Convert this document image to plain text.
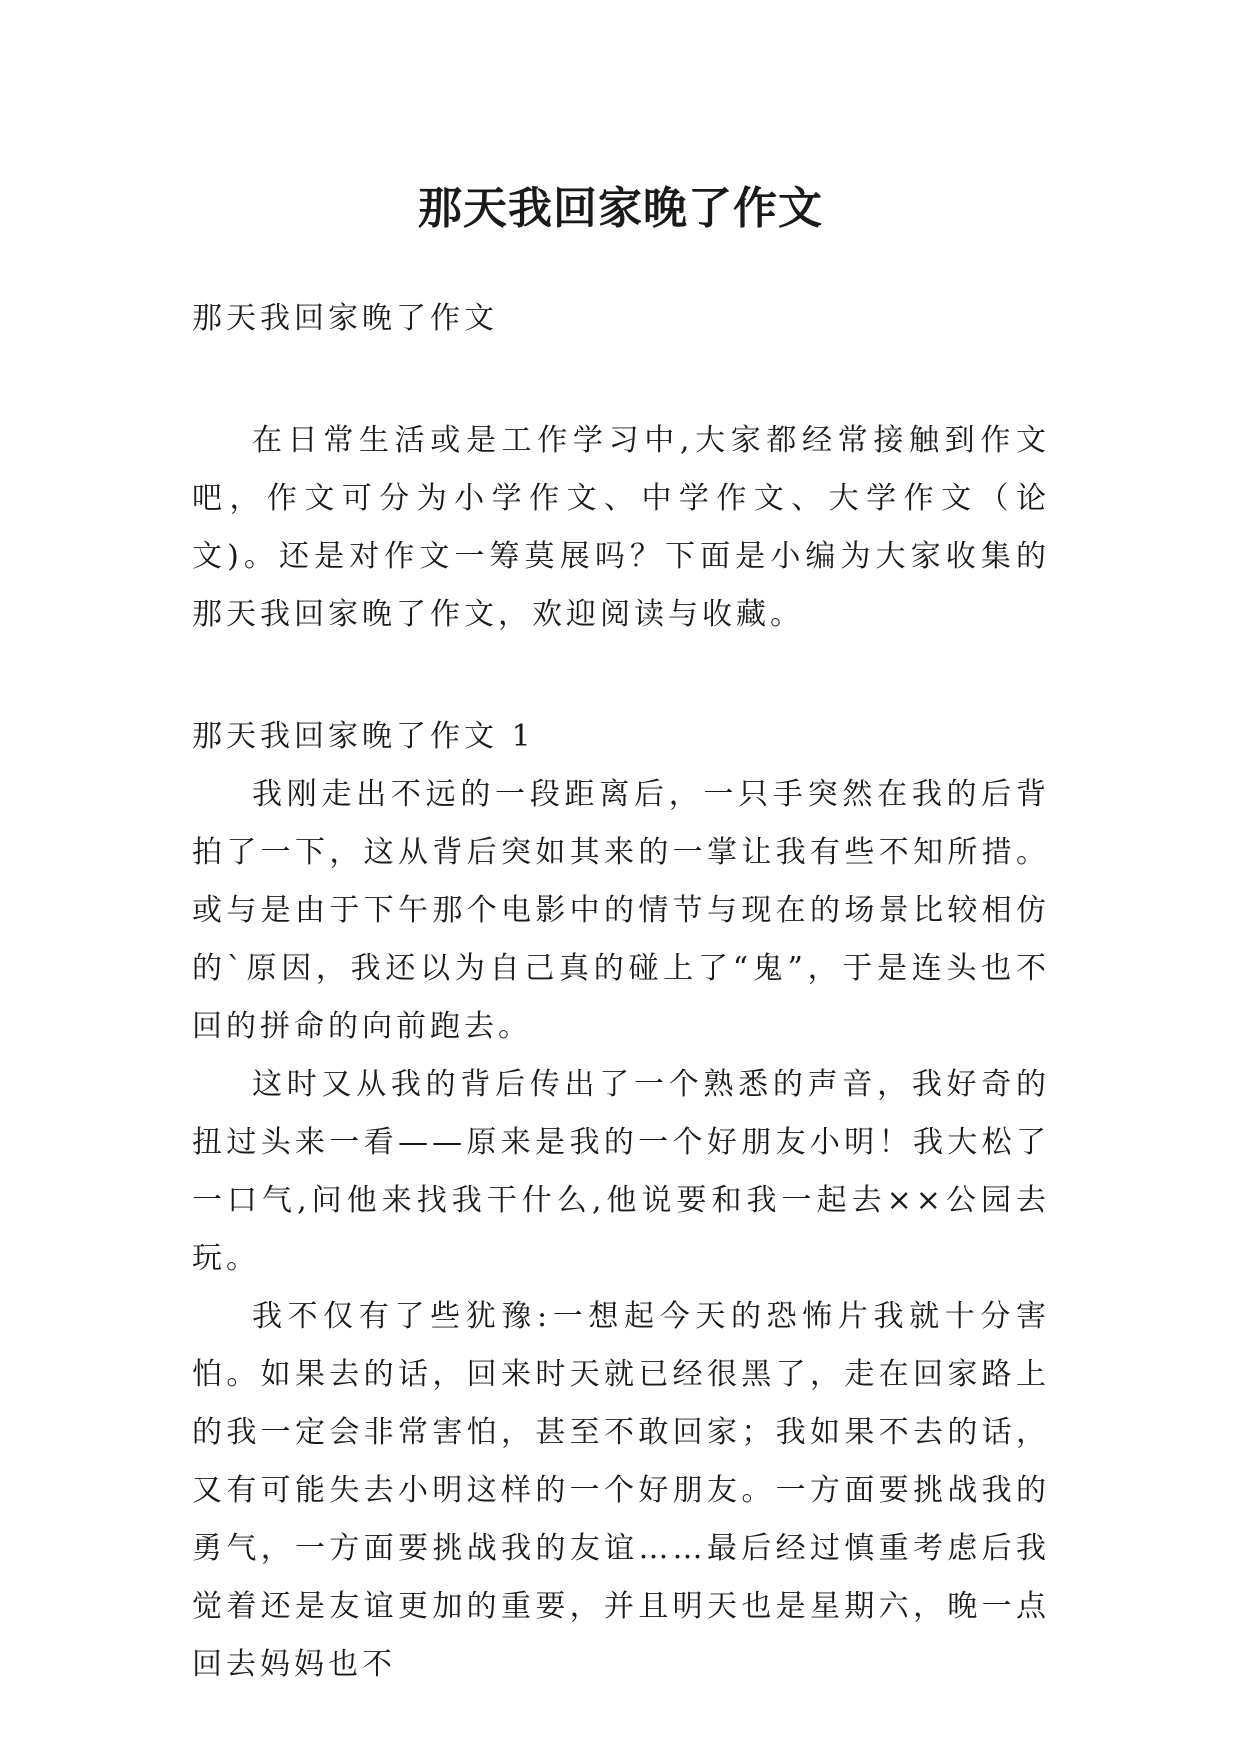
那天我回家晚了作文

那天我回家晚了作文

在日常生活或是工作学习中,大家都经常接触到作文吧，作文可分为小学作文、中学作文、大学作文（论文)。还是对作文一筹莫展吗？下面是小编为大家收集的那天我回家晚了作文，欢迎阅读与收藏。

那天我回家晚了作文 1

我刚走出不远的一段距离后，一只手突然在我的后背拍了一下，这从背后突如其来的一掌让我有些不知所措。或与是由于下午那个电影中的情节与现在的场景比较相仿的`原因，我还以为自己真的碰上了“鬼”，于是连头也不回的拼命的向前跑去。

这时又从我的背后传出了一个熟悉的声音，我好奇的扭过头来一看——原来是我的一个好朋友小明！我大松了一口气,问他来找我干什么,他说要和我一起去××公园去玩。

我不仅有了些犹豫:一想起今天的恐怖片我就十分害怕。如果去的话，回来时天就已经很黑了，走在回家路上的我一定会非常害怕，甚至不敢回家；我如果不去的话，又有可能失去小明这样的一个好朋友。一方面要挑战我的勇气，一方面要挑战我的友谊……最后经过慎重考虑后我觉着还是友谊更加的重要，并且明天也是星期六，晚一点回去妈妈也不
